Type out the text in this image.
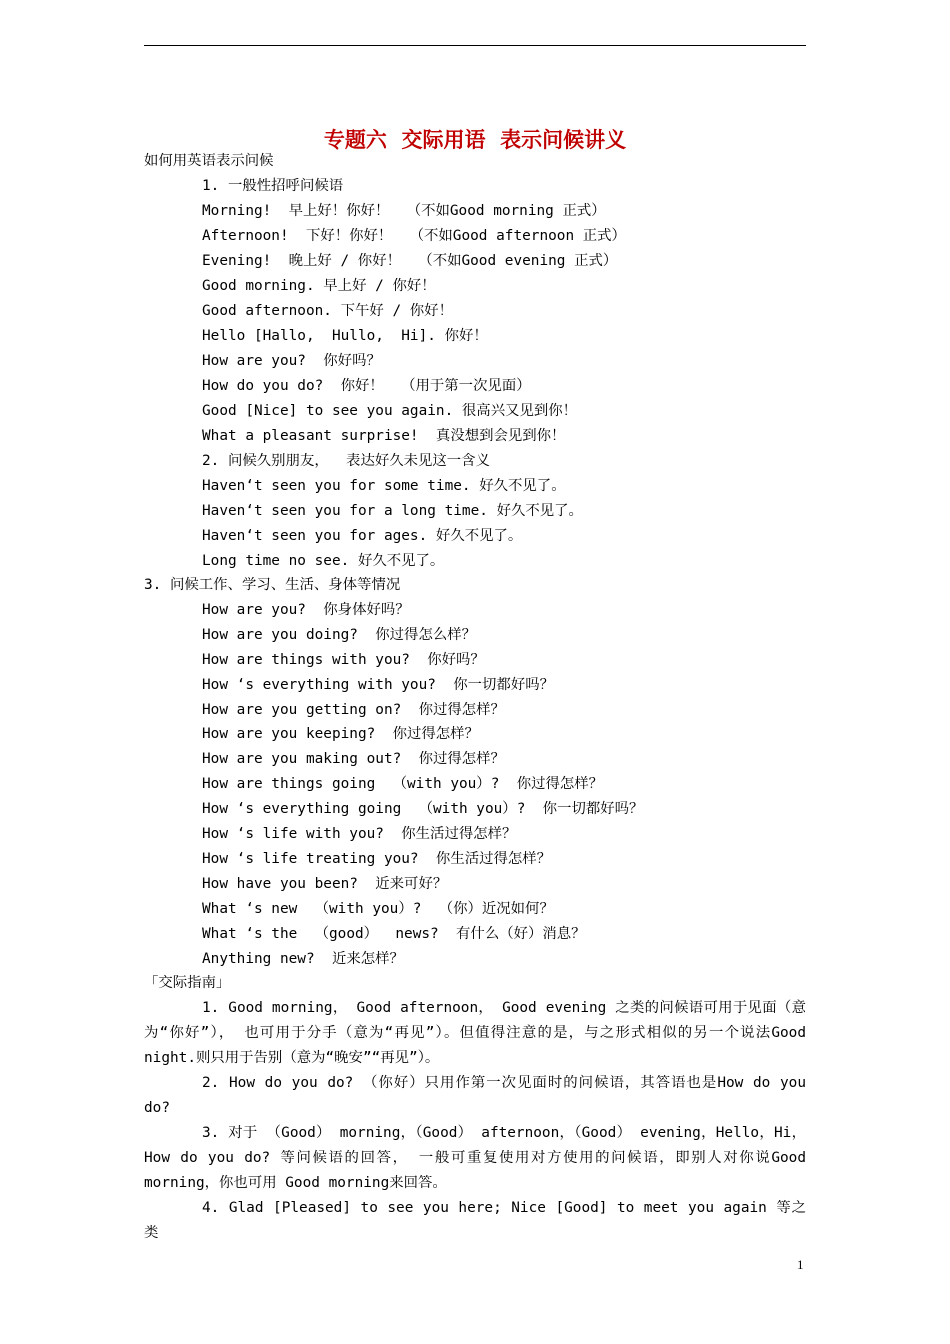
专题六  交际用语  表示问候讲义
如何用英语表示问候
1. 一般性招呼问候语
Morning!  早上好！你好！  （不如Good morning 正式）
Afternoon!  下好！你好！  （不如Good afternoon 正式）
Evening!  晚上好 / 你好！  （不如Good evening 正式）
Good morning. 早上好 / 你好！
Good afternoon. 下午好 / 你好！
Hello [Hallo,  Hullo,  Hi]. 你好！
How are you?  你好吗？
How do you do?  你好！  （用于第一次见面）
Good [Nice] to see you again. 很高兴又见到你！
What a pleasant surprise!  真没想到会见到你！
2. 问候久别朋友，  表达好久未见这一含义
Haven‘t seen you for some time. 好久不见了。
Haven‘t seen you for a long time. 好久不见了。
Haven‘t seen you for ages. 好久不见了。
Long time no see. 好久不见了。
3. 问候工作、学习、生活、身体等情况
How are you?  你身体好吗？
How are you doing?  你过得怎么样？
How are things with you?  你好吗？
How ‘s everything with you?  你一切都好吗？
How are you getting on?  你过得怎样？
How are you keeping?  你过得怎样？
How are you making out?  你过得怎样？
How are things going  （with you）?  你过得怎样？
How ‘s everything going  （with you）?  你一切都好吗？
How ‘s life with you?  你生活过得怎样？
How ‘s life treating you?  你生活过得怎样？
How have you been?  近来可好？
What ‘s new  （with you）?  （你）近况如何？
What ‘s the  （good）  news?  有什么（好）消息？
Anything new?  近来怎样？
「交际指南」
1. Good morning， Good afternoon， Good evening 之类的问候语可用于见面（意为“你好”）， 也可用于分手（意为“再见”）。但值得注意的是，与之形式相似的另一个说法Good night.则只用于告别（意为“晚安”“再见”）。
2. How do you do? （你好）只用作第一次见面时的问候语，其答语也是How do you do?
3. 对于 （Good） morning，（Good） afternoon，（Good） evening，Hello，Hi，How do you do? 等问候语的回答， 一般可重复使用对方使用的问候语，即别人对你说Good morning，你也可用 Good morning来回答。
4. Glad [Pleased] to see you here; Nice [Good] to meet you again 等之类
1
